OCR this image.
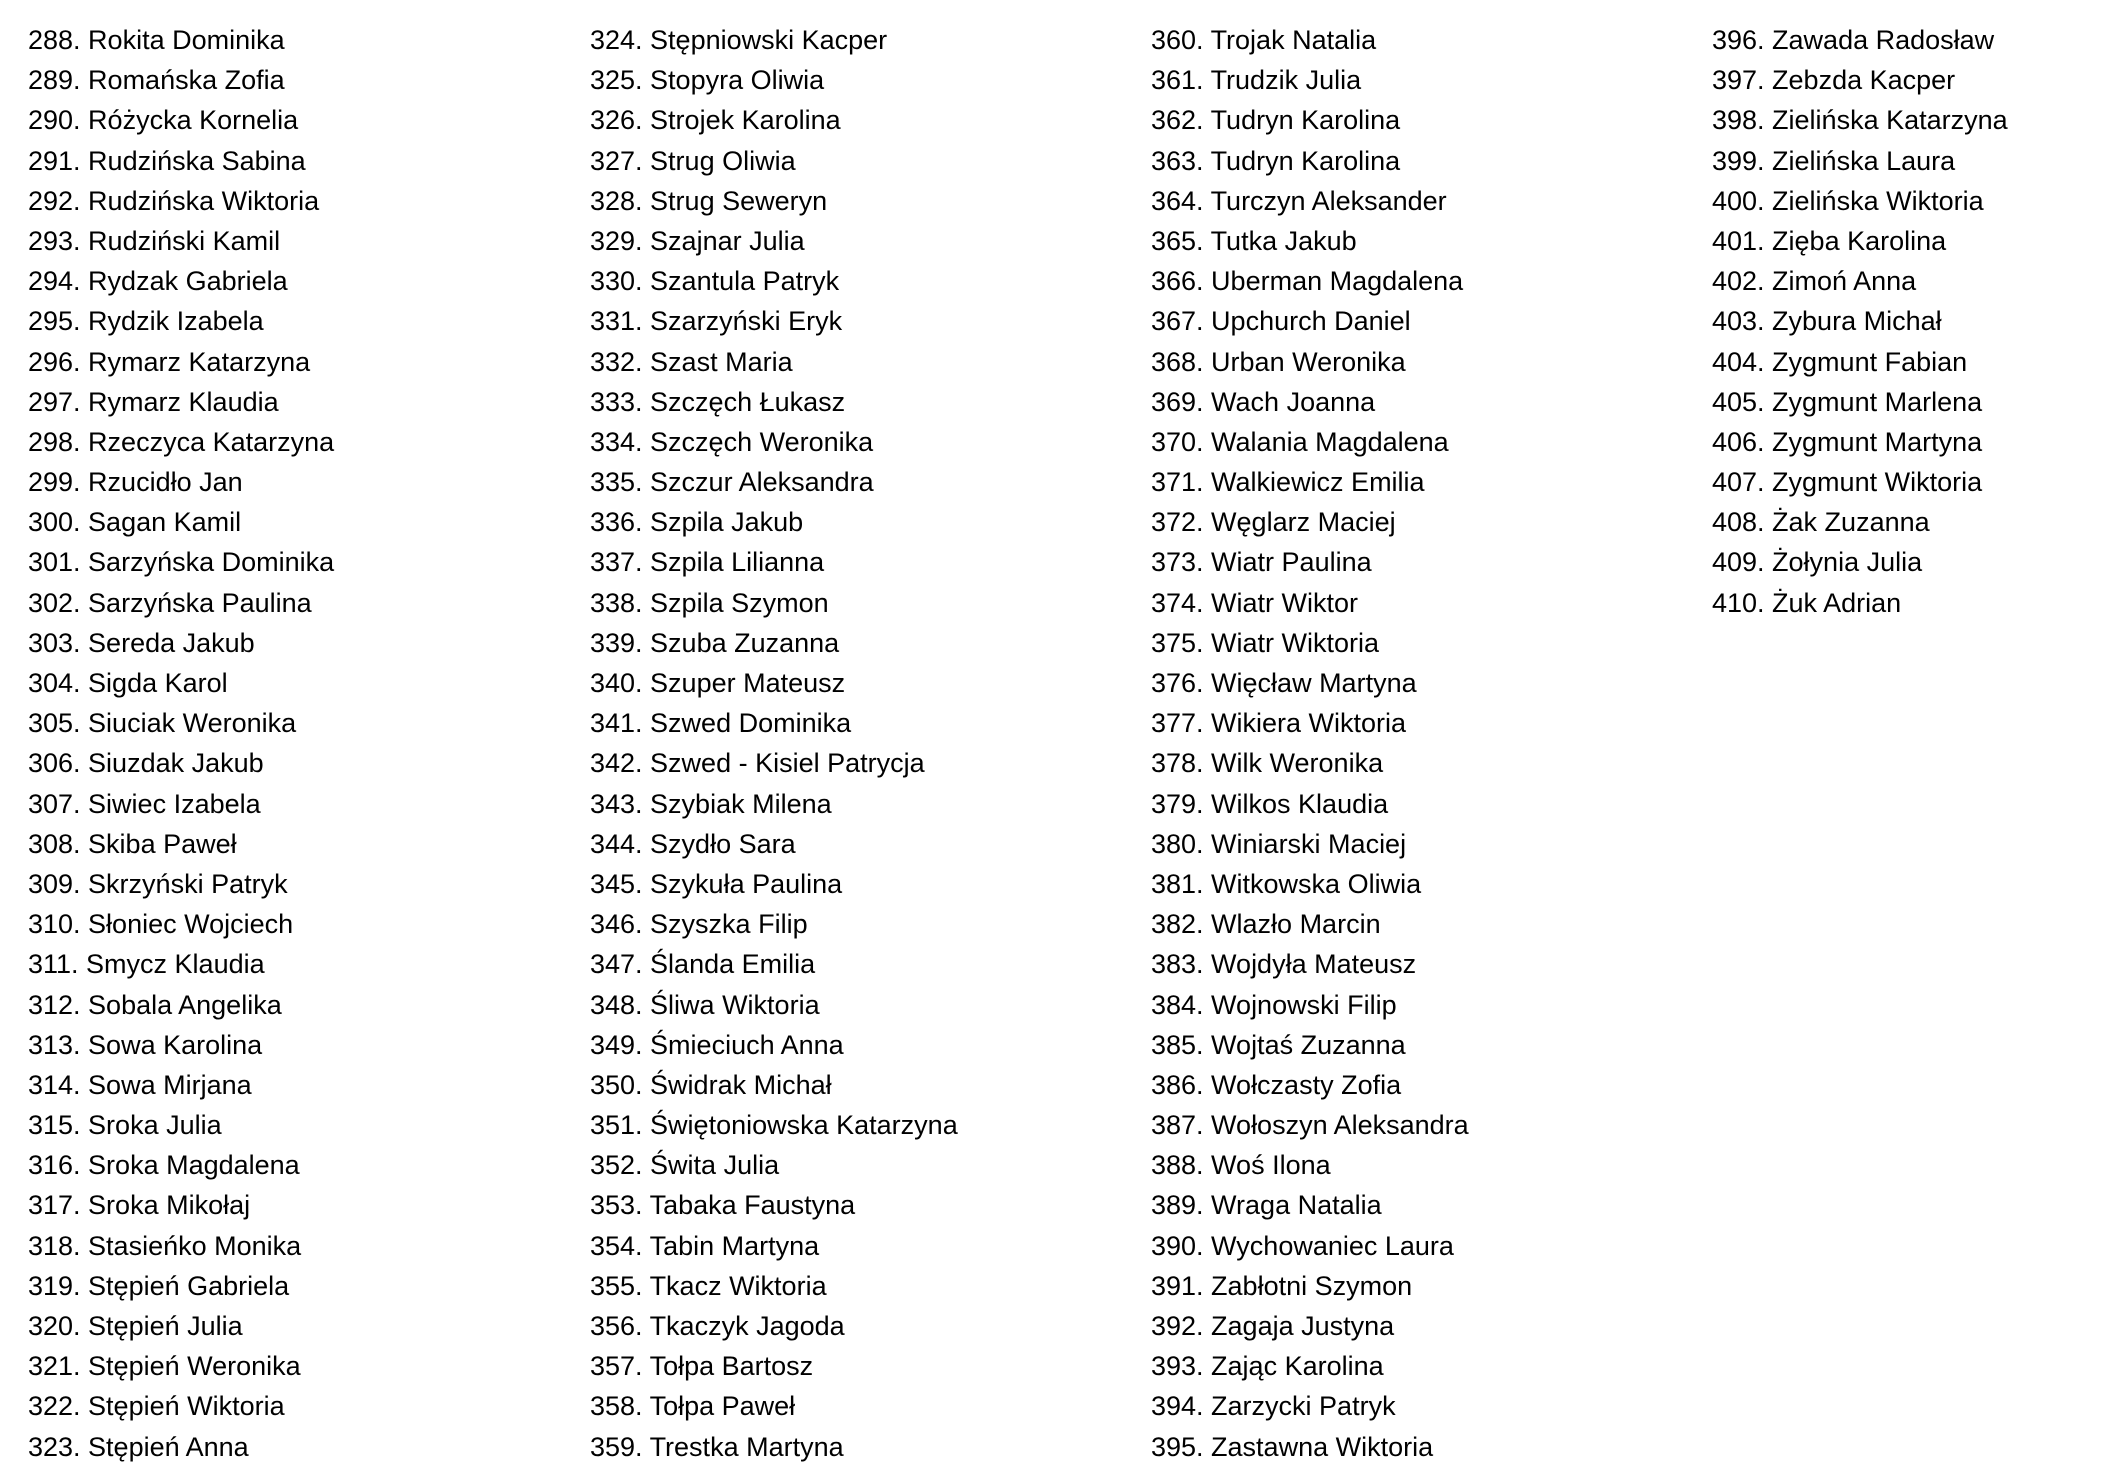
288. Rokita Dominika
289. Romańska Zofia
290. Różycka Kornelia
291. Rudzińska Sabina
292. Rudzińska Wiktoria
293. Rudziński Kamil
294. Rydzak Gabriela
295. Rydzik Izabela
296. Rymarz Katarzyna
297. Rymarz Klaudia
298. Rzeczyca Katarzyna
299. Rzucidło Jan
300. Sagan Kamil
301. Sarzyńska Dominika
302. Sarzyńska Paulina
303. Sereda Jakub
304. Sigda Karol
305. Siuciak Weronika
306. Siuzdak Jakub
307. Siwiec Izabela
308. Skiba Paweł
309. Skrzyński Patryk
310. Słoniec Wojciech
311. Smycz Klaudia
312. Sobala Angelika
313. Sowa Karolina
314. Sowa Mirjana
315. Sroka Julia
316. Sroka Magdalena
317. Sroka Mikołaj
318. Stasieńko Monika
319. Stępień Gabriela
320. Stępień Julia
321. Stępień Weronika
322. Stępień Wiktoria
323. Stępień Anna
324. Stępniowski Kacper
325. Stopyra Oliwia
326. Strojek Karolina
327. Strug Oliwia
328. Strug Seweryn
329. Szajnar Julia
330. Szantula Patryk
331. Szarzyński Eryk
332. Szast Maria
333. Szczęch Łukasz
334. Szczęch Weronika
335. Szczur Aleksandra
336. Szpila Jakub
337. Szpila Lilianna
338. Szpila Szymon
339. Szuba Zuzanna
340. Szuper Mateusz
341. Szwed Dominika
342. Szwed - Kisiel Patrycja
343. Szybiak Milena
344. Szydło Sara
345. Szykuła Paulina
346. Szyszka Filip
347. Ślanda Emilia
348. Śliwa Wiktoria
349. Śmieciuch Anna
350. Świdrak Michał
351. Świętoniowska Katarzyna
352. Świta Julia
353. Tabaka Faustyna
354. Tabin Martyna
355. Tkacz Wiktoria
356. Tkaczyk Jagoda
357. Tołpa Bartosz
358. Tołpa Paweł
359. Trestka Martyna
360. Trojak Natalia
361. Trudzik Julia
362. Tudryn Karolina
363. Tudryn Karolina
364. Turczyn Aleksander
365. Tutka Jakub
366. Uberman Magdalena
367. Upchurch Daniel
368. Urban Weronika
369. Wach Joanna
370. Walania Magdalena
371. Walkiewicz Emilia
372. Węglarz Maciej
373. Wiatr Paulina
374. Wiatr Wiktor
375. Wiatr Wiktoria
376. Więcław Martyna
377. Wikiera Wiktoria
378. Wilk Weronika
379. Wilkos Klaudia
380. Winiarski Maciej
381. Witkowska Oliwia
382. Wlazło Marcin
383. Wojdyła Mateusz
384. Wojnowski Filip
385. Wojtaś Zuzanna
386. Wołczasty Zofia
387. Wołoszyn Aleksandra
388. Woś Ilona
389. Wraga Natalia
390. Wychowaniec Laura
391. Zabłotni Szymon
392. Zagaja Justyna
393. Zając Karolina
394. Zarzycki Patryk
395. Zastawna Wiktoria
396. Zawada Radosław
397. Zebzda Kacper
398. Zielińska Katarzyna
399. Zielińska Laura
400. Zielińska Wiktoria
401. Zięba Karolina
402. Zimoń Anna
403. Zybura Michał
404. Zygmunt Fabian
405. Zygmunt Marlena
406. Zygmunt Martyna
407. Zygmunt Wiktoria
408. Żak Zuzanna
409. Żołynia Julia
410. Żuk Adrian
